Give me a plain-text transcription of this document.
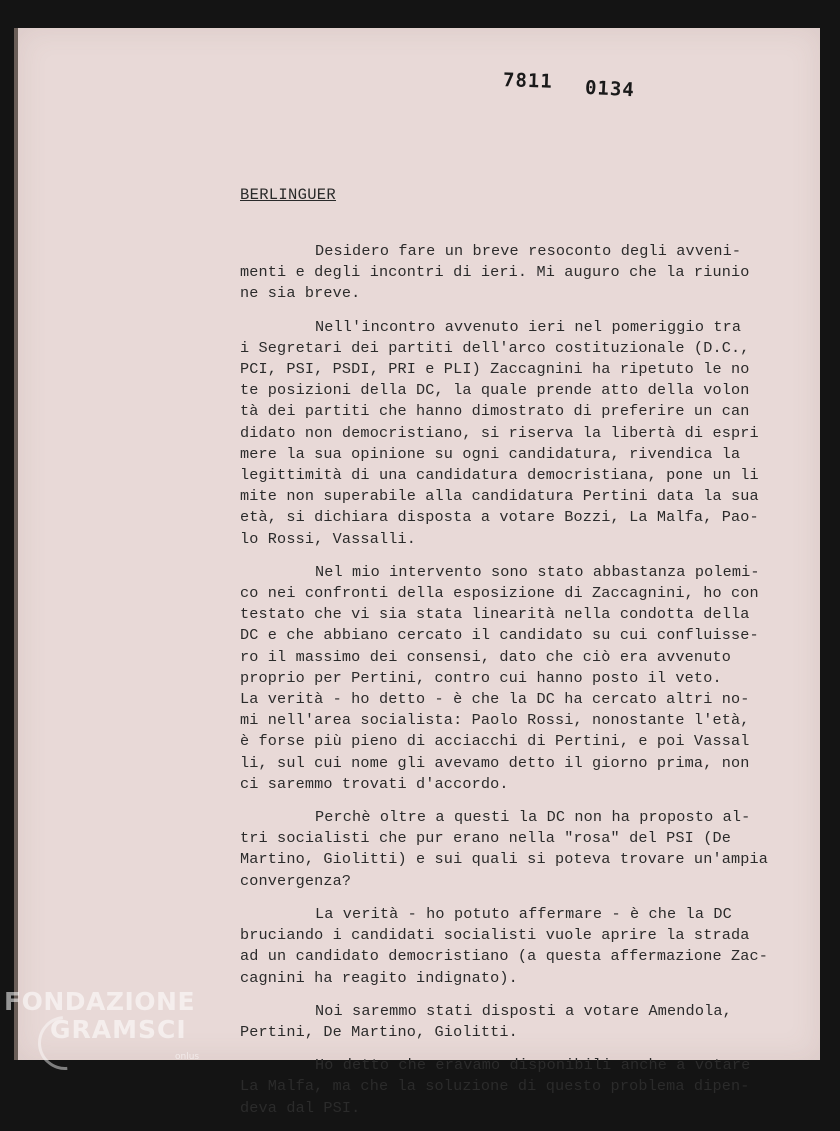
7811 0134
BERLINGUER
Desidero fare un breve resoconto degli avveni-
menti e degli incontri di ieri. Mi auguro che la riunio
ne sia breve.
Nell'incontro avvenuto ieri nel pomeriggio tra
i Segretari dei partiti dell'arco costituzionale (D.C.,
PCI, PSI, PSDI, PRI e PLI) Zaccagnini ha ripetuto le no
te posizioni della DC, la quale prende atto della volon
tà dei partiti che hanno dimostrato di preferire un can
didato non democristiano, si riserva la libertà di espri
mere la sua opinione su ogni candidatura, rivendica la
legittimità di una candidatura democristiana, pone un li
mite non superabile alla candidatura Pertini data la sua
età, si dichiara disposta a votare Bozzi, La Malfa, Pao-
lo Rossi, Vassalli.
Nel mio intervento sono stato abbastanza polemi-
co nei confronti della esposizione di Zaccagnini, ho con
testato che vi sia stata linearità nella condotta della
DC e che abbiano cercato il candidato su cui confluisse-
ro il massimo dei consensi, dato che ciò era avvenuto
proprio per Pertini, contro cui hanno posto il veto.
La verità - ho detto - è che la DC ha cercato altri no-
mi nell'area socialista: Paolo Rossi, nonostante l'età,
è forse più pieno di acciacchi di Pertini, e poi Vassal
li, sul cui nome gli avevamo detto il giorno prima, non
ci saremmo trovati d'accordo.
Perchè oltre a questi la DC non ha proposto al-
tri socialisti che pur erano nella "rosa" del PSI (De
Martino, Giolitti) e sui quali si poteva trovare un'ampia
convergenza?
La verità - ho potuto affermare - è che la DC
bruciando i candidati socialisti vuole aprire la strada
ad un candidato democristiano (a questa affermazione Zac-
cagnini ha reagito indignato).
Noi saremmo stati disposti a votare Amendola,
Pertini, De Martino, Giolitti.
Ho detto che eravamo disponibili anche a votare
La Malfa, ma che la soluzione di questo problema dipen-
deva dal PSI.
FONDAZIONE
GRAMSCI
onlus
